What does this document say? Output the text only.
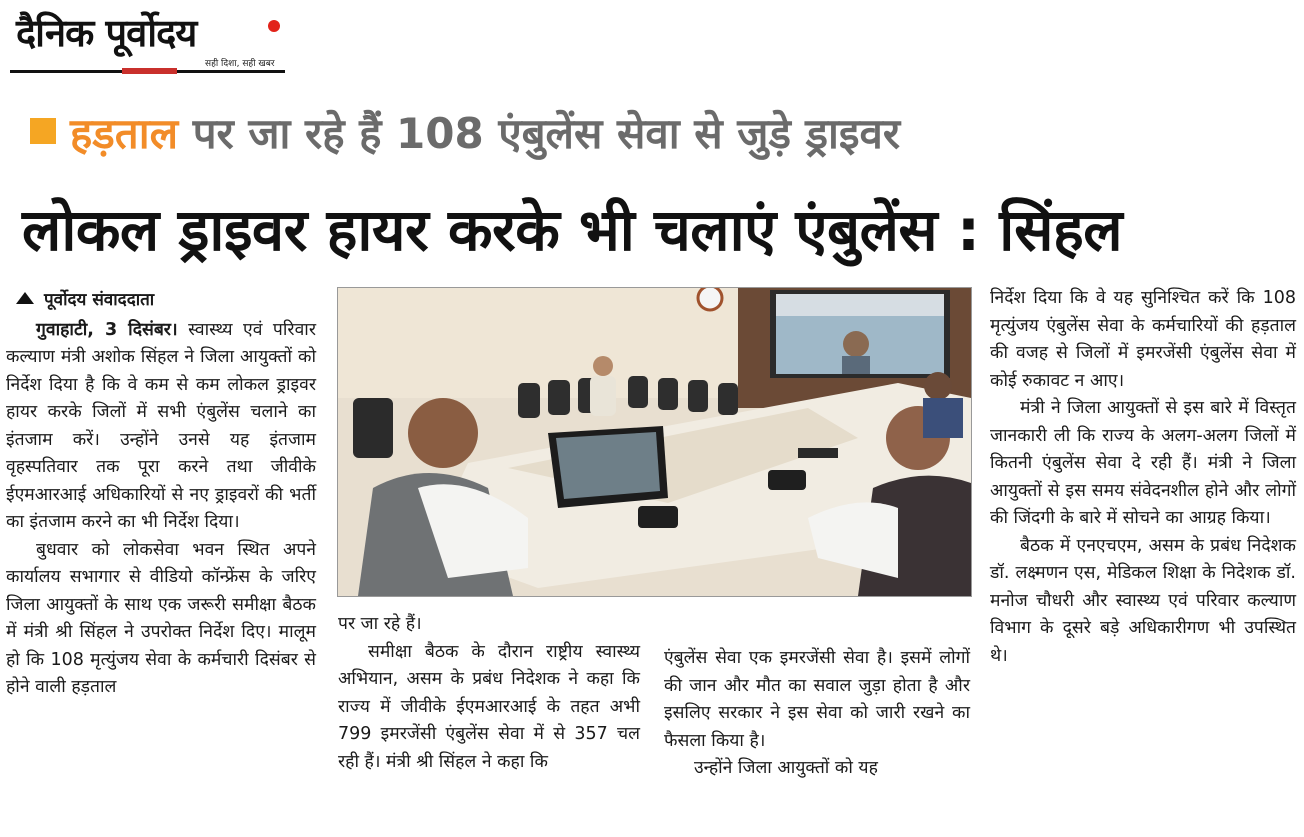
दैनिक पूर्वोदय
सही दिशा, सही खबर
हड़ताल पर जा रहे हैं 108 एंबुलेंस सेवा से जुड़े ड्राइवर
लोकल ड्राइवर हायर करके भी चलाएं एंबुलेंस : सिंहल
पूर्वोदय संवाददाता

गुवाहाटी, 3 दिसंबर। स्वास्थ्य एवं परिवार कल्याण मंत्री अशोक सिंहल ने जिला आयुक्तों को निर्देश दिया है कि वे कम से कम लोकल ड्राइवर हायर करके जिलों में सभी एंबुलेंस चलाने का इंतजाम करें। उन्होंने उनसे यह इंतजाम वृहस्पतिवार तक पूरा करने तथा जीवीके ईएमआरआई अधिकारियों से नए ड्राइवरों की भर्ती का इंतजाम करने का भी निर्देश दिया।

बुधवार को लोकसेवा भवन स्थित अपने कार्यालय सभागार से वीडियो कॉन्फ्रेंस के जरिए जिला आयुक्तों के साथ एक जरूरी समीक्षा बैठक में मंत्री श्री सिंहल ने उपरोक्त निर्देश दिए। मालूम हो कि 108 मृत्युंजय सेवा के कर्मचारी दिसंबर से होने वाली हड़ताल

पर जा रहे हैं।

समीक्षा बैठक के दौरान राष्ट्रीय स्वास्थ्य अभियान, असम के प्रबंध निदेशक ने कहा कि राज्य में जीवीके ईएमआरआई के तहत अभी 799 इमरजेंसी एंबुलेंस सेवा में से 357 चल रही हैं। मंत्री श्री सिंहल ने कहा कि

एंबुलेंस सेवा एक इमरजेंसी सेवा है। इसमें लोगों की जान और मौत का सवाल जुड़ा होता है और इसलिए सरकार ने इस सेवा को जारी रखने का फैसला किया है।

उन्होंने जिला आयुक्तों को यह

निर्देश दिया कि वे यह सुनिश्चित करें कि 108 मृत्युंजय एंबुलेंस सेवा के कर्मचारियों की हड़ताल की वजह से जिलों में इमरजेंसी एंबुलेंस सेवा में कोई रुकावट न आए।

मंत्री ने जिला आयुक्तों से इस बारे में विस्तृत जानकारी ली कि राज्य के अलग-अलग जिलों में कितनी एंबुलेंस सेवा दे रही हैं। मंत्री ने जिला आयुक्तों से इस समय संवेदनशील होने और लोगों की जिंदगी के बारे में सोचने का आग्रह किया।

बैठक में एनएचएम, असम के प्रबंध निदेशक डॉ. लक्ष्मणन एस, मेडिकल शिक्षा के निदेशक डॉ. मनोज चौधरी और स्वास्थ्य एवं परिवार कल्याण विभाग के दूसरे बड़े अधिकारीगण भी उपस्थित थे।
